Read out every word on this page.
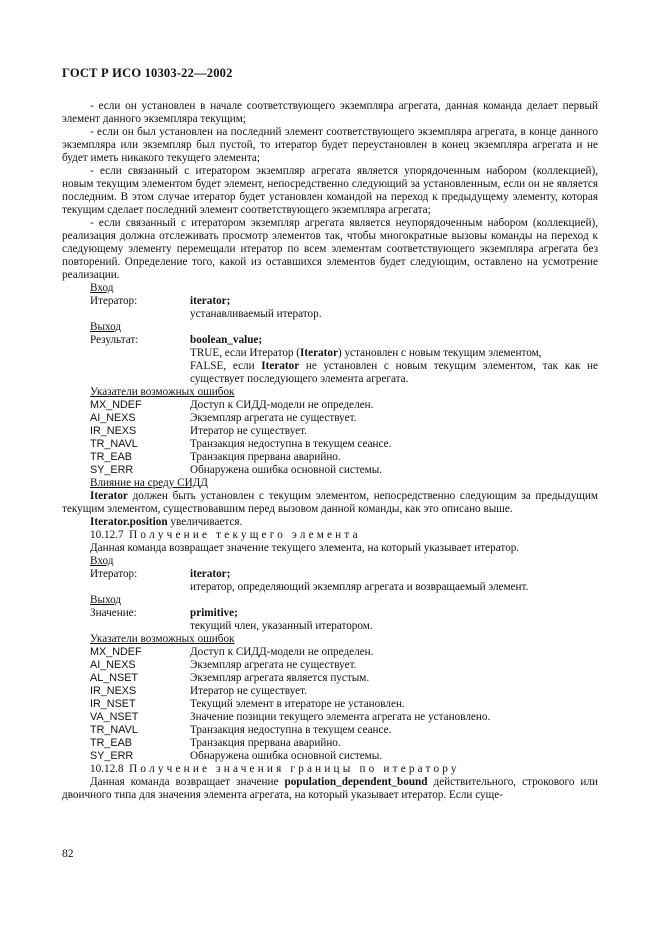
ГОСТ Р ИСО 10303-22—2002

- если он установлен в начале соответствующего экземпляра агрегата, данная команда делает первый элемент данного экземпляра текущим;

- если он был установлен на последний элемент соответствующего экземпляра агрегата, в конце данного экземпляра или экземпляр был пустой, то итератор будет переустановлен в конец экземпляра агрегата и не будет иметь никакого текущего элемента;

- если связанный с итератором экземпляр агрегата является упорядоченным набором (коллекцией), новым текущим элементом будет элемент, непосредственно следующий за установленным, если он не является последним. В этом случае итератор будет установлен командой на переход к предыдущему элементу, которая текущим сделает последний элемент соответствующего экземпляра агрегата;

- если связанный с итератором экземпляр агрегата является неупорядоченным набором (коллекцией), реализация должна отслеживать просмотр элементов так, чтобы многократные вызовы команды на переход к следующему элементу перемещали итератор по всем элементам соответствующего экземпляра агрегата без повторений. Определение того, какой из оставшихся элементов будет следующим, оставлено на усмотрение реализации.

Вход

Итератор:	iterator;
устанавливаемый итератор.

Выход

Результат:	boolean_value;
TRUE, если Итератор (Iterator) установлен с новым текущим элементом,
FALSE, если Iterator не установлен с новым текущим элементом, так как не существует последующего элемента агрегата.

Указатели возможных ошибок

MX_NDEF	Доступ к СИДД-модели не определен.
AI_NEXS	Экземпляр агрегата не существует.
IR_NEXS	Итератор не существует.
TR_NAVL	Транзакция недоступна в текущем сеансе.
TR_EAB	Транзакция прервана аварийно.
SY_ERR	Обнаружена ошибка основной системы.

Влияние на среду СИДД

Iterator должен быть установлен с текущим элементом, непосредственно следующим за предыдущим текущим элементом, существовавшим перед вызовом данной команды, как это описано выше.

Iterator.position увеличивается.

10.12.7 Получение текущего элемента

Данная команда возвращает значение текущего элемента, на который указывает итератор.

Вход

Итератор:	iterator;
итератор, определяющий экземпляр агрегата и возвращаемый элемент.

Выход

Значение:	primitive;
текущий член, указанный итератором.

Указатели возможных ошибок

MX_NDEF	Доступ к СИДД-модели не определен.
AI_NEXS	Экземпляр агрегата не существует.
AL_NSET	Экземпляр агрегата является пустым.
IR_NEXS	Итератор не существует.
IR_NSET	Текущий элемент в итераторе не установлен.
VA_NSET	Значение позиции текущего элемента агрегата не установлено.
TR_NAVL	Транзакция недоступна в текущем сеансе.
TR_EAB	Транзакция прервана аварийно.
SY_ERR	Обнаружена ошибка основной системы.

10.12.8 Получение значения границы по итератору

Данная команда возвращает значение population_dependent_bound действительного, строкового или двоичного типа для значения элемента агрегата, на который указывает итератор. Если суще-

82
